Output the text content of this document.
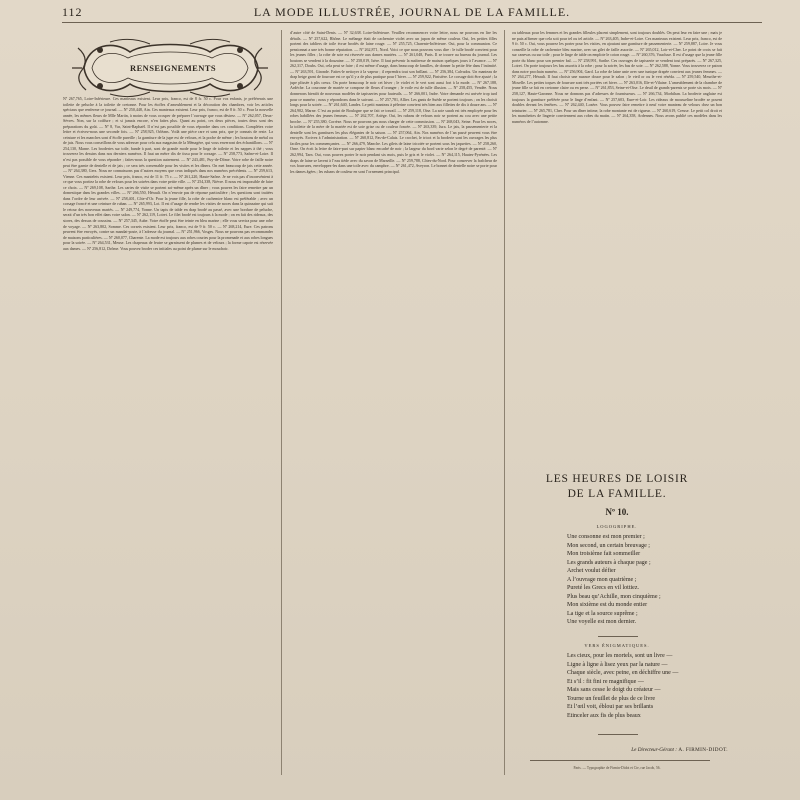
112	LA MODE ILLUSTRÉE, JOURNAL DE LA FAMILLE.
RENSEIGNEMENTS

Nº 267,765, Loire-Inférieure. Ces manteaux existent. Leur prix, franco, est de 8 fr. 50 c. Pour vos enfants, je préférerais une toilette de peluche à la toilette de cretonne. Pour les étoffes d’ameublement et la décoration des chambres, voir les articles spéciaux que renferme ce journal. — Nº 250,448, Ain. Ces manteaux existent. Leur prix, franco, est de 8 fr. 50 c. Pour la nouvelle année, les mêmes fleurs de Mlle Martin, à moins de vous occuper de préparer l’ouvrage que vous désirez. — Nº 262,057, Deux-Sèvres. Non, sur la coiffure ; et si jamais encore, n’en faites plus. Quant au point, ces deux pièces, toutes deux sont des préparations du goût. — Nº 8, Var, Saint-Raphaël. Il n’est pas possible de vous répondre dans ces conditions. Complétez votre lettre et écrivez-nous une seconde fois. — Nº 258,925, Orléans. Voilà une pièce rare et sans prix, que je connais de reste. La ceinture et les manches sont d’étoffe pareille ; la garniture de la jupe est de velours, et la poche de même ; les boutons de métal ou de jais. Nous vous conseillons de vous adresser pour cela aux magasins de la Ménagère, qui vous enverront des échantillons. — Nº 254,130, Marne. Les broderies sur toile, bande à part, sont de grande mode pour le linge de toilette et les nappes à thé ; vous trouverez les dessins dans nos derniers numéros. Il faut un mètre dix de tissu pour le corsage. — Nº 258,773, Saône-et-Loire. Il n’est pas possible de vous répondre ; faites-nous la question autrement. — Nº 243,481, Puy-de-Dôme. Votre robe de faille noire peut être garnie de dentelle et de jais ; ce sera très convenable pour les visites et les dîners. On met beaucoup de jais cette année. — Nº 264,380, Gers. Nous ne connaissons pas d’autres moyens que ceux indiqués dans nos numéros précédents. — Nº 259,613, Vienne. Ces mantelets existent. Leur prix, franco, est de 11 fr. 75 c. — Nº 261,220, Haute-Saône. Je ne vois pas d’inconvénient à ce que vous portiez la robe de velours pour les soirées dans votre petite ville. — Nº 254,338, Nièvre. Il nous est impossible de faire ce choix. — Nº 269,108, Sarthe. Les cartes de visite se portent soi-même après un dîner ; vous pouvez les faire remettre par un domestique dans les grandes villes. — Nº 266,550, Hérault. On n’envoie pas de réponse particulière ; les questions sont traitées dans l’ordre de leur arrivée. — Nº 258,401, Côte-d’Or. Pour la jeune fille, la robe de cachemire blanc est préférable ; avec un corsage froncé et une ceinture de ruban. — Nº 265,993, Lot. Il est d’usage de rendre les visites de noces dans la quinzaine qui suit le retour des nouveaux mariés. — Nº 249,774, Yonne. Un tapis de table en drap brodé au passé, avec une bordure de peluche, serait d’un très bon effet dans votre salon. — Nº 262,119, Loiret. Le filet brodé est toujours à la mode ; on en fait des rideaux, des stores, des dessus de coussins. — Nº 257,345, Aube. Votre étoffe peut être teinte en bleu marine ; elle vous servira pour une robe de voyage. — Nº 263,802, Somme. Ces corsets existent. Leur prix, franco, est de 9 fr. 50 c. — Nº 268,214, Eure. Ces patrons peuvent être envoyés, contre un mandat-poste, à l’adresse du journal. — Nº 251,966, Vosges. Nous ne pouvons pas recommander de maisons particulières. — Nº 260,077, Charente. La mode est toujours aux robes courtes pour la promenade et aux robes longues pour la soirée. — Nº 264,531, Meuse. Les chapeaux de feutre se garnissent de plumes et de velours ; la forme capote est réservée aux dames. — Nº 256,812, Drôme. Vous pouvez broder ces initiales au point de plume sur le mouchoir.

d’autre côté de Saint-Denis. — Nº 32,638. Loire-Inférieure. Veuillez recommencer votre lettre, nous ne pouvons en lire les détails. — Nº 257,622, Rhône. Le mélange était de cachemire violet avec un jupon de même couleur. Oui, les petites filles portent des tabliers de toile écrue brodés de laine rouge. — Nº 255,725, Charente-Inférieure. Oui, pour la communion. Ce pensionnat a une très bonne réputation. — Nº 262,871, Nord. Voici ce que nous pouvons vous dire : le tulle brodé convient pour les jeunes filles ; la robe de soie est réservée aux dames mariées. — Nº 261,048, Paris. Il se trouve au bureau du journal. Les boutons se vendent à la douzaine. — Nº 258,019, Isère. Il faut prévenir la maîtresse de maison quelques jours à l’avance. — Nº 262,317, Doubs. Oui, cela peut se faire ; il est même d’usage, dans beaucoup de familles, de donner la petite fête dans l’intimité. — Nº 263,591, Gironde. Faites-le nettoyer à la vapeur ; il reprendra tout son brillant. — Nº 256,384, Calvados. Un manteau de drap beige garni de fourrure est ce qu’il y a de plus pratique pour l’hiver. — Nº 259,922, Finistère. Le corsage doit être ajusté ; la jupe plissée à plis creux. On porte beaucoup le noir cet hiver ; le violet et le vert sont aussi fort à la mode. — Nº 267,188, Ardèche. La couronne de mariée se compose de fleurs d’oranger ; le voile est de tulle illusion. — Nº 258,455, Vendée. Nous donnerons bientôt de nouveaux modèles de tapisseries pour fauteuils. — Nº 266,001, Indre. Votre demande est arrivée trop tard pour ce numéro ; nous y répondrons dans le suivant. — Nº 257,781, Allier. Les gants de Suède se portent toujours ; on les choisit longs pour la soirée. — Nº 261,640, Landes. Le petit manteau à pèlerine convient très bien aux fillettes de dix à douze ans. — Nº 264,902, Marne. C’est au point de Boulogne que se fait ce travail. — Nº 259,118, Oise. La soie surah est très employée pour les robes habillées des jeunes femmes. — Nº 262,707, Ariège. Oui, les rubans de velours noir se portent au cou avec une petite broche. — Nº 255,380, Corrèze. Nous ne pouvons pas nous charger de cette commission. — Nº 268,043, Seine. Pour les noces, la toilette de la mère de la mariée est de soie grise ou de couleur foncée. — Nº 263,339, Jura. Le jais, la passementerie et la dentelle sont les garnitures les plus élégantes de la saison. — Nº 257,064, Ain. Nos numéros de l’an passé peuvent vous être envoyés. Ecrivez à l’administration. — Nº 260,812, Pas-de-Calais. Le crochet, le tricot et la broderie sont les ouvrages les plus faciles pour les commençantes. — Nº 266,479, Manche. Les gilets de laine tricotée se portent sous les jaquettes. — Nº 258,260, Orne. On écrit la lettre de faire-part sur papier blanc encadré de noir ; la largeur du bord varie selon le degré de parenté. — Nº 262,994, Tarn. Oui, vous pouvez porter le noir pendant six mois, puis le gris et le violet. — Nº 264,115, Hautes-Pyrénées. Les draps de laine se lavent à l’eau tiède avec du savon de Marseille. — Nº 259,788, Côtes-du-Nord. Pour conserver la fraîcheur de vos fourrures, enveloppez-les dans une toile avec du camphre. — Nº 261,472, Aveyron. Le bonnet de dentelle noire se porte pour les dames âgées ; les rubans de couleur en sont l’ornement principal.

ou tableaux pour les femmes et les grandes filleules placent simplement, sont toujours doublés. On peut leur en faire une ; mais je ne puis affirmer que cela soit pour tel ou tel article. — Nº 263,405, Indre-et-Loire. Ces manteaux existent. Leur prix, franco, est de 9 fr. 50 c. Oui, vous pourrez les porter pour les visites, en ajoutant une garniture de passementerie. — Nº 259,887, Loire. Je vous conseille la robe de cachemire bleu marine, avec un gilet de faille assortie. — Nº 265,012, Loir-et-Cher. Le point de croix se fait sur canevas ou sur toile ; pour le linge de table on emploie le coton rouge. — Nº 260,376, Vaucluse. Il est d’usage que la jeune fille porte du blanc pour son premier bal. — Nº 258,991, Sarthe. Ces ouvrages de tapisserie se vendent tout préparés. — Nº 267,325, Loiret. On porte toujours les bas assortis à la robe ; pour la soirée, les bas de soie. — Nº 262,588, Yonne. Vous trouverez ce patron dans notre prochain numéro. — Nº 256,904, Gard. La robe de laine unie avec une tunique drapée convient aux jeunes femmes. — Nº 264,277, Hérault. Il faut choisir une nuance douce pour le salon ; le vieil or ou le vert réséda. — Nº 259,540, Meurthe-et-Moselle. Les petites toques de fourrure sont très portées cet hiver. — Nº 263,016, Ille-et-Vilaine. L’ameublement de la chambre de jeune fille se fait en cretonne claire ou en perse. — Nº 261,853, Seine-et-Oise. Le deuil de grands-parents se porte six mois. — Nº 258,127, Haute-Garonne. Nous ne donnons pas d’adresses de fournisseurs. — Nº 266,734, Morbihan. La broderie anglaise est toujours la garniture préférée pour le linge d’enfant. — Nº 257,603, Eure-et-Loir. Les rideaux de mousseline brodée se posent doubles devant les fenêtres. — Nº 262,440, Lozère. Vous pouvez faire remettre à neuf votre manteau de velours chez un bon teinturier. — Nº 265,781, Cher. Pour un dîner intime, la robe montante est de rigueur. — Nº 260,619, Creuse. Le petit col droit et les manchettes de lingerie conviennent aux robes du matin. — Nº 264,358, Ardennes. Nous avons publié ces modèles dans les numéros de l’automne.

LES HEURES DE LOISIR
DE LA FAMILLE.
Nº 10.
LOGOGRIPHE.
Une consonne est mon premier ;
Mon second, un certain breuvage ;
Mon troisième fait sommeiller
Les grands auteurs à chaque page ;
Archet voulut défier
A l’ouvrage mon quatrième ;
Pureté les Grecs en vil lottiez.
Plus beau qu’Achille, mon cinquième ;
Mon sixième est du monde entier
La tige et la source suprême ;
Une voyelle est mon dernier.
VERS ÉNIGMATIQUES.
Les cieux, pour les mortels, sont un livre —
Ligne à ligne à lisez yeux par la nature —
Chaque siècle, avec peine, en déchiffre une —
Et s’il : fit fini re magnifique —
Mais sans cesse le doigt du créateur —
Tourne un feuillet de plus de ce livre
Et l’œil voit, ébloui par ses brillants
Etinceler aux fis de plus beaux
Le Directeur-Gérant : A. FIRMIN-DIDOT.
Paris. — Typographie de Firmin-Didot et Cie, rue Jacob, 56.
